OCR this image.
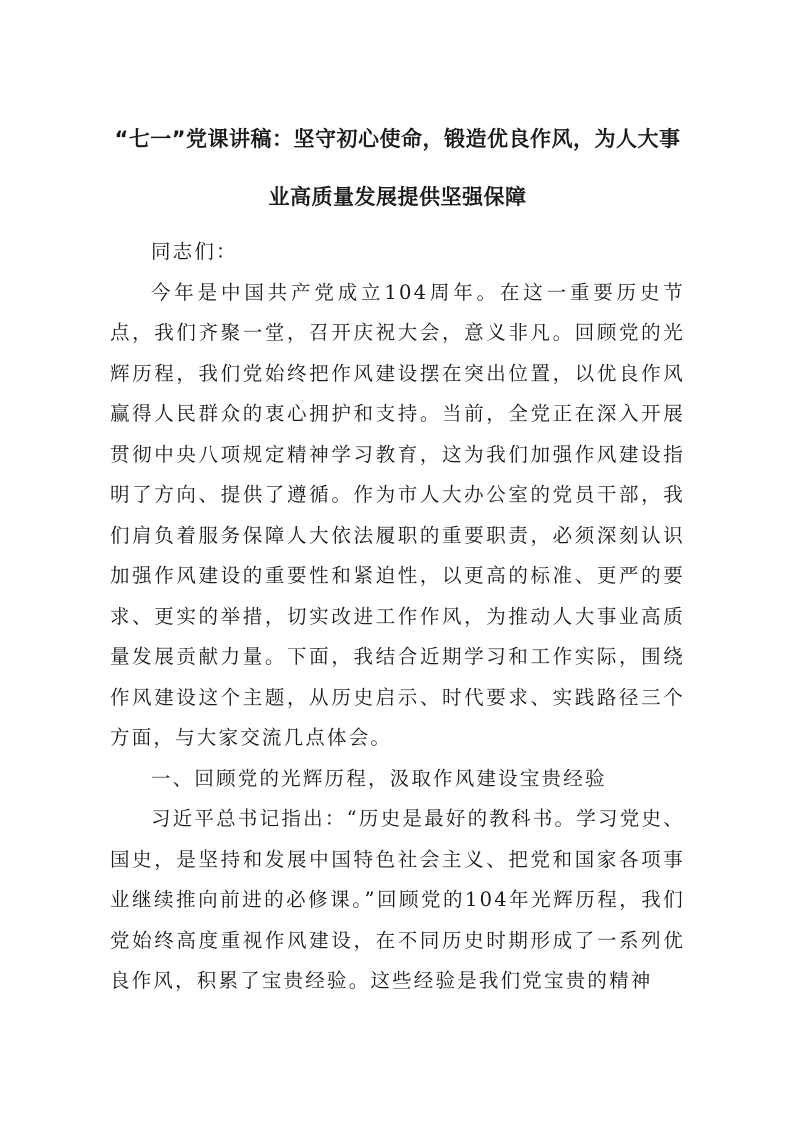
“七一”党课讲稿：坚守初心使命，锻造优良作风，为人大事业高质量发展提供坚强保障

同志们：

今年是中国共产党成立104周年。在这一重要历史节点，我们齐聚一堂，召开庆祝大会，意义非凡。回顾党的光辉历程，我们党始终把作风建设摆在突出位置，以优良作风赢得人民群众的衷心拥护和支持。当前，全党正在深入开展贯彻中央八项规定精神学习教育，这为我们加强作风建设指明了方向、提供了遵循。作为市人大办公室的党员干部，我们肩负着服务保障人大依法履职的重要职责，必须深刻认识加强作风建设的重要性和紧迫性，以更高的标准、更严的要求、更实的举措，切实改进工作作风，为推动人大事业高质量发展贡献力量。下面，我结合近期学习和工作实际，围绕作风建设这个主题，从历史启示、时代要求、实践路径三个方面，与大家交流几点体会。

一、回顾党的光辉历程，汲取作风建设宝贵经验

习近平总书记指出：“历史是最好的教科书。学习党史、国史，是坚持和发展中国特色社会主义、把党和国家各项事业继续推向前进的必修课。”回顾党的104年光辉历程，我们党始终高度重视作风建设，在不同历史时期形成了一系列优良作风，积累了宝贵经验。这些经验是我们党宝贵的精神
